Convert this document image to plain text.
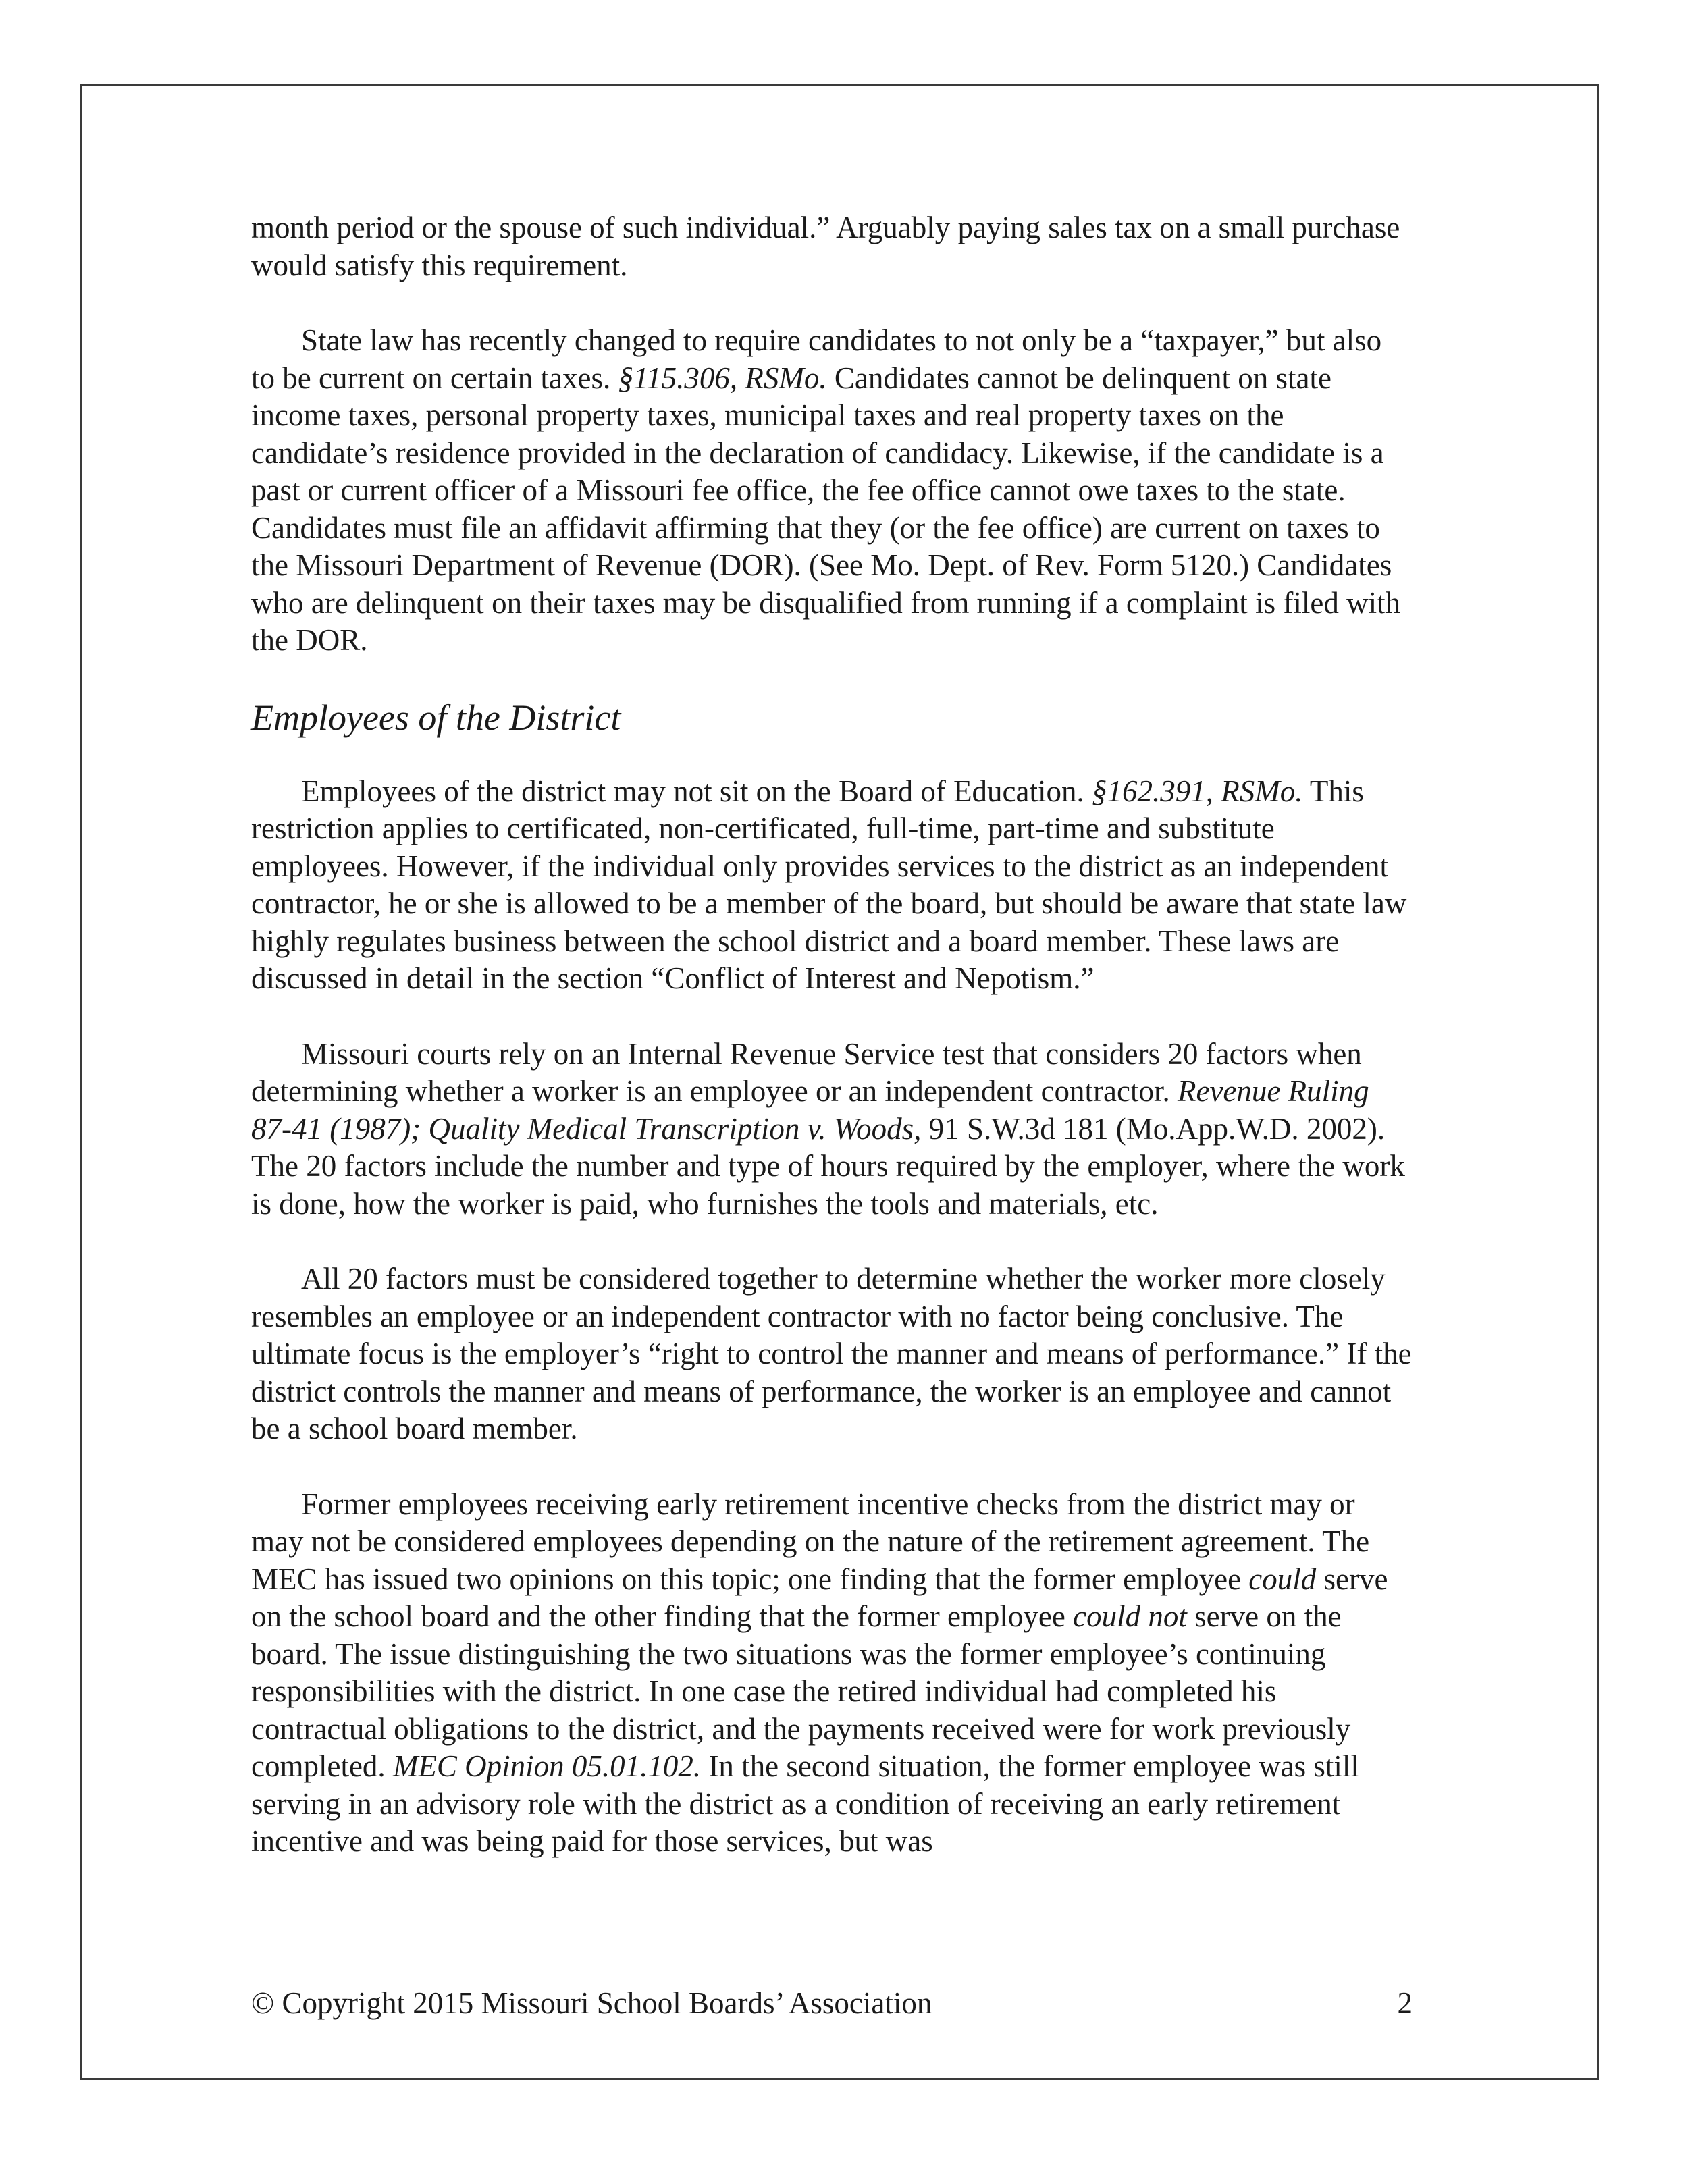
month period or the spouse of such individual.” Arguably paying sales tax on a small purchase would satisfy this requirement.

State law has recently changed to require candidates to not only be a “taxpayer,” but also to be current on certain taxes. §115.306, RSMo. Candidates cannot be delinquent on state income taxes, personal property taxes, municipal taxes and real property taxes on the candidate’s residence provided in the declaration of candidacy. Likewise, if the candidate is a past or current officer of a Missouri fee office, the fee office cannot owe taxes to the state. Candidates must file an affidavit affirming that they (or the fee office) are current on taxes to the Missouri Department of Revenue (DOR). (See Mo. Dept. of Rev. Form 5120.) Candidates who are delinquent on their taxes may be disqualified from running if a complaint is filed with the DOR.

Employees of the District

Employees of the district may not sit on the Board of Education. §162.391, RSMo. This restriction applies to certificated, non-certificated, full-time, part-time and substitute employees. However, if the individual only provides services to the district as an independent contractor, he or she is allowed to be a member of the board, but should be aware that state law highly regulates business between the school district and a board member. These laws are discussed in detail in the section “Conflict of Interest and Nepotism.”

Missouri courts rely on an Internal Revenue Service test that considers 20 factors when determining whether a worker is an employee or an independent contractor. Revenue Ruling 87-41 (1987); Quality Medical Transcription v. Woods, 91 S.W.3d 181 (Mo.App.W.D. 2002). The 20 factors include the number and type of hours required by the employer, where the work is done, how the worker is paid, who furnishes the tools and materials, etc.

All 20 factors must be considered together to determine whether the worker more closely resembles an employee or an independent contractor with no factor being conclusive. The ultimate focus is the employer’s “right to control the manner and means of performance.” If the district controls the manner and means of performance, the worker is an employee and cannot be a school board member.

Former employees receiving early retirement incentive checks from the district may or may not be considered employees depending on the nature of the retirement agreement. The MEC has issued two opinions on this topic; one finding that the former employee could serve on the school board and the other finding that the former employee could not serve on the board. The issue distinguishing the two situations was the former employee’s continuing responsibilities with the district. In one case the retired individual had completed his contractual obligations to the district, and the payments received were for work previously completed. MEC Opinion 05.01.102. In the second situation, the former employee was still serving in an advisory role with the district as a condition of receiving an early retirement incentive and was being paid for those services, but was

© Copyright 2015 Missouri School Boards’ Association	2
